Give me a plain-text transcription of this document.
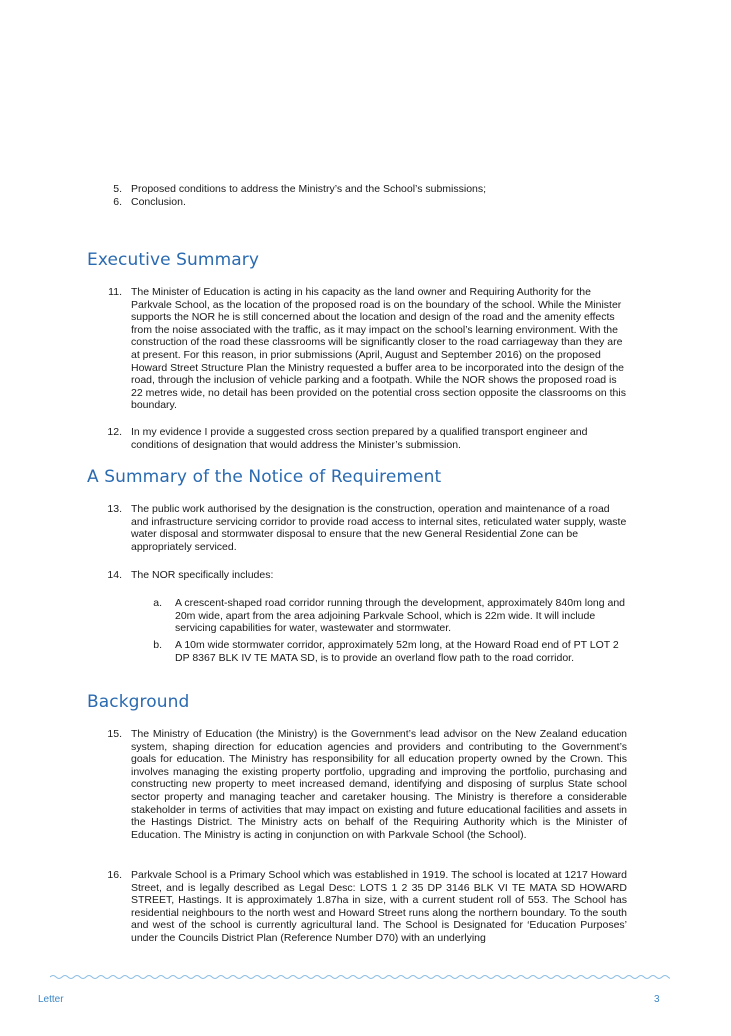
5. Proposed conditions to address the Ministry’s and the School’s submissions;
6. Conclusion.
Executive Summary
11. The Minister of Education is acting in his capacity as the land owner and Requiring Authority for the Parkvale School, as the location of the proposed road is on the boundary of the school. While the Minister supports the NOR he is still concerned about the location and design of the road and the amenity effects from the noise associated with the traffic, as it may impact on the school’s learning environment. With the construction of the road these classrooms will be significantly closer to the road carriageway than they are at present. For this reason, in prior submissions (April, August and September 2016) on the proposed Howard Street Structure Plan the Ministry requested a buffer area to be incorporated into the design of the road, through the inclusion of vehicle parking and a footpath. While the NOR shows the proposed road is 22 metres wide, no detail has been provided on the potential cross section opposite the classrooms on this boundary.
12. In my evidence I provide a suggested cross section prepared by a qualified transport engineer and conditions of designation that would address the Minister’s submission.
A Summary of the Notice of Requirement
13. The public work authorised by the designation is the construction, operation and maintenance of a road and infrastructure servicing corridor to provide road access to internal sites, reticulated water supply, waste water disposal and stormwater disposal to ensure that the new General Residential Zone can be appropriately serviced.
14. The NOR specifically includes:
a. A crescent-shaped road corridor running through the development, approximately 840m long and 20m wide, apart from the area adjoining Parkvale School, which is 22m wide. It will include servicing capabilities for water, wastewater and stormwater.
b. A 10m wide stormwater corridor, approximately 52m long, at the Howard Road end of PT LOT 2 DP 8367 BLK IV TE MATA SD, is to provide an overland flow path to the road corridor.
Background
15. The Ministry of Education (the Ministry) is the Government’s lead advisor on the New Zealand education system, shaping direction for education agencies and providers and contributing to the Government’s goals for education. The Ministry has responsibility for all education property owned by the Crown. This involves managing the existing property portfolio, upgrading and improving the portfolio, purchasing and constructing new property to meet increased demand, identifying and disposing of surplus State school sector property and managing teacher and caretaker housing. The Ministry is therefore a considerable stakeholder in terms of activities that may impact on existing and future educational facilities and assets in the Hastings District. The Ministry acts on behalf of the Requiring Authority which is the Minister of Education. The Ministry is acting in conjunction on with Parkvale School (the School).
16. Parkvale School is a Primary School which was established in 1919. The school is located at 1217 Howard Street, and is legally described as Legal Desc: LOTS 1 2 35 DP 3146 BLK VI TE MATA SD HOWARD STREET, Hastings. It is approximately 1.87ha in size, with a current student roll of 553. The School has residential neighbours to the north west and Howard Street runs along the northern boundary. To the south and west of the school is currently agricultural land. The School is Designated for ‘Education Purposes’ under the Councils District Plan (Reference Number D70) with an underlying
Letter	3
